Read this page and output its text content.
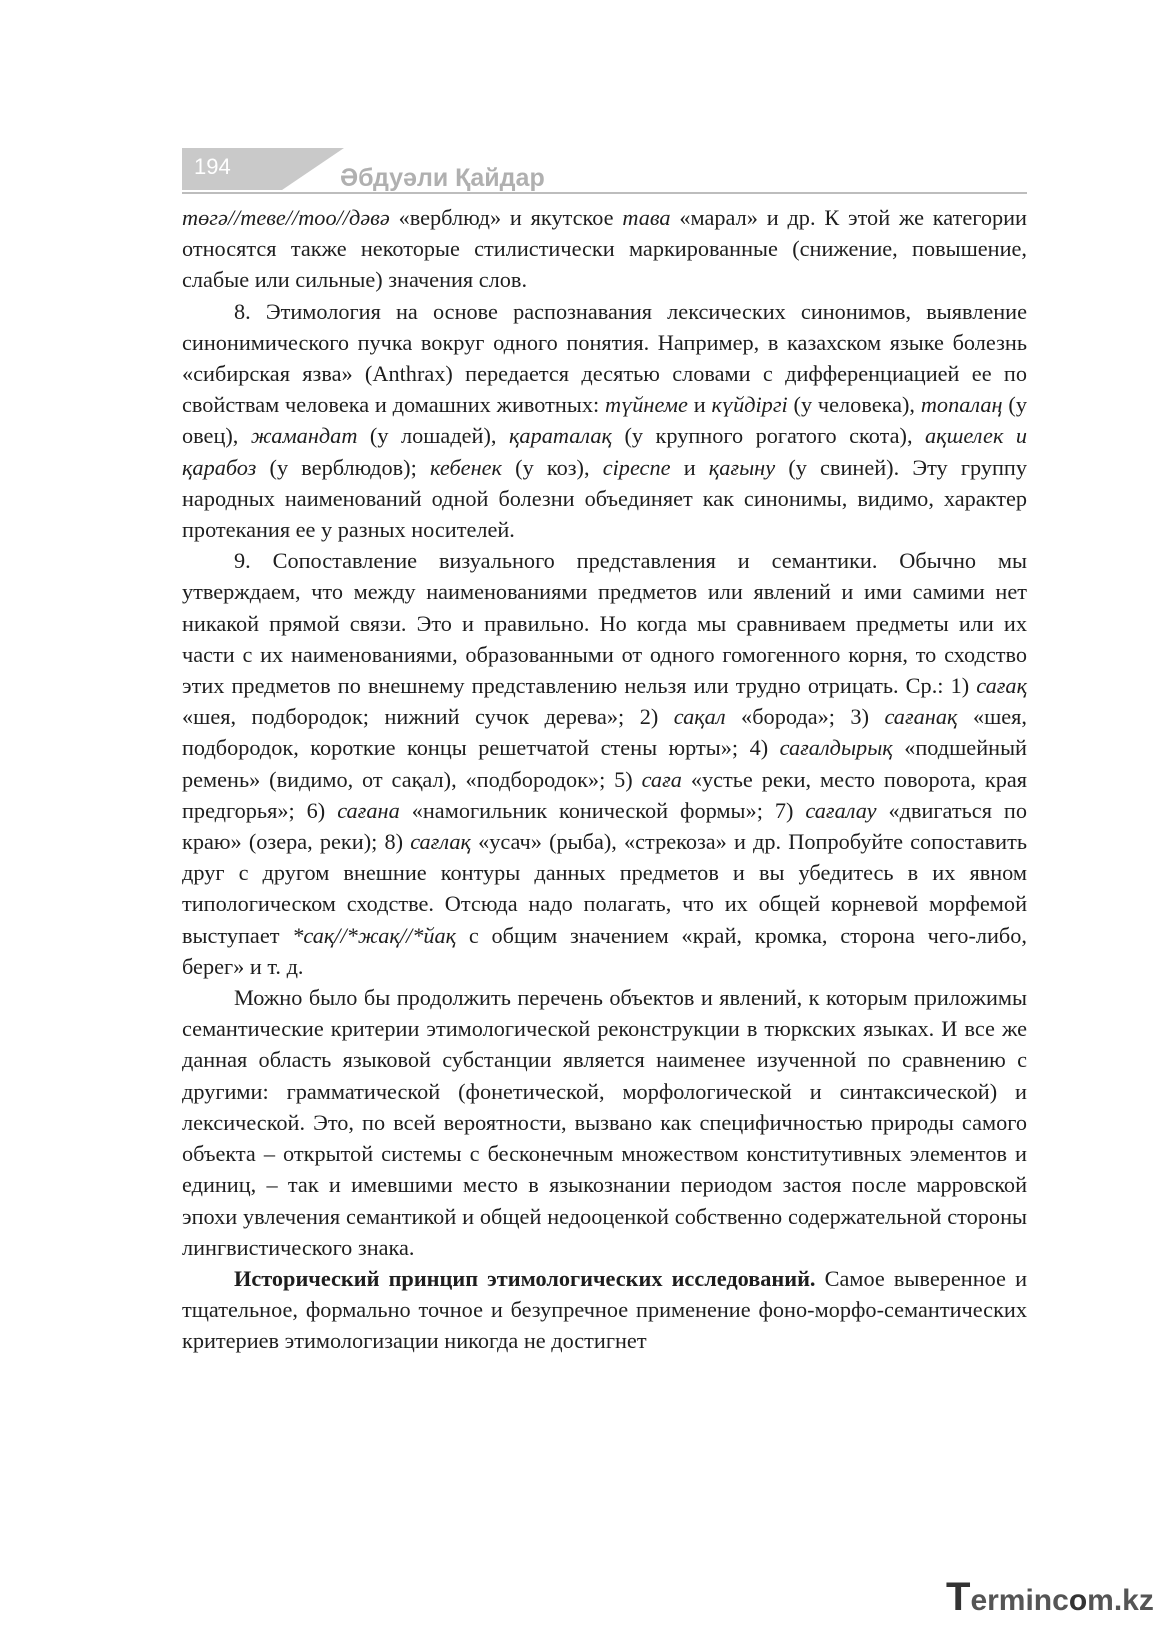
194	Әбдуәли Қайдар

төгә//теве//тоо//дәвә «верблюд» и якутское тава «марал» и др. К этой же категории относятся также некоторые стилистически маркированные (снижение, повышение, слабые или сильные) значения слов.

8. Этимология на основе распознавания лексических синонимов, выявление синонимического пучка вокруг одного понятия. Например, в казахском языке болезнь «сибирская язва» (Anthrax) передается десятью словами с дифференциацией ее по свойствам человека и домашних животных: түйнеме и күйдіргі (у человека), топалаң (у овец), жамандат (у лошадей), қараталақ (у крупного рогатого скота), ақшелек и қарабоз (у верблюдов); кебенек (у коз), сіреспе и қағыну (у свиней). Эту группу народных наименований одной болезни объединяет как синонимы, видимо, характер протекания ее у разных носителей.

9. Сопоставление визуального представления и семантики. Обычно мы утверждаем, что между наименованиями предметов или явлений и ими самими нет никакой прямой связи. Это и правильно. Но когда мы сравниваем предметы или их части с их наименованиями, образованными от одного гомогенного корня, то сходство этих предметов по внешнему представлению нельзя или трудно отрицать. Ср.: 1) сағақ «шея, подбородок; нижний сучок дерева»; 2) сақал «борода»; 3) сағанақ «шея, подбородок, короткие концы решетчатой стены юрты»; 4) сағалдырық «подшейный ремень» (видимо, от сақал), «подбородок»; 5) саға «устье реки, место поворота, края предгорья»; 6) сағана «намогильник конической формы»; 7) сағалау «двигаться по краю» (озера, реки); 8) сағлақ «усач» (рыба), «стрекоза» и др. Попробуйте сопоставить друг с другом внешние контуры данных предметов и вы убедитесь в их явном типологическом сходстве. Отсюда надо полагать, что их общей корневой морфемой выступает *сақ//*жақ//*йақ с общим значением «край, кромка, сторона чего-либо, берег» и т. д.

Можно было бы продолжить перечень объектов и явлений, к которым приложимы семантические критерии этимологической реконструкции в тюркских языках. И все же данная область языковой субстанции является наименее изученной по сравнению с другими: грамматической (фонетической, морфологической и синтаксической) и лексической. Это, по всей вероятности, вызвано как специфичностью природы самого объекта – открытой системы с бесконечным множеством конститутивных элементов и единиц, – так и имевшими место в языкознании периодом застоя после марровской эпохи увлечения семантикой и общей недооценкой собственно содержательной стороны лингвистического знака.

Исторический принцип этимологических исследований. Самое выверенное и тщательное, формально точное и безупречное применение фоно-морфо-семантических критериев этимологизации никогда не достигнет

Termincom.kz
